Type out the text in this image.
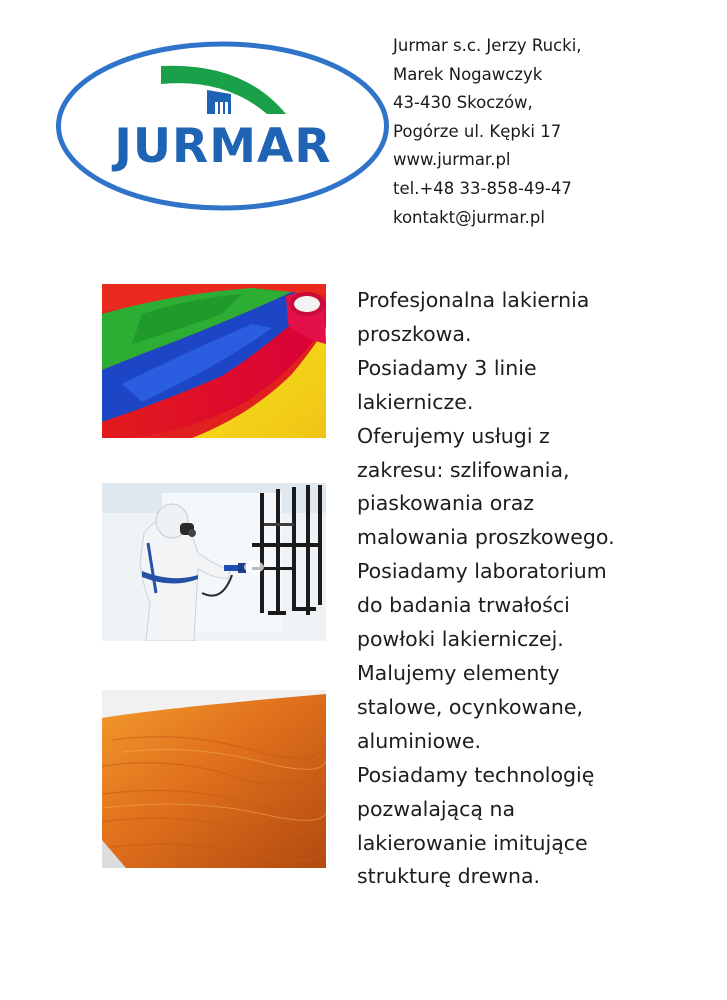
JURMAR
Jurmar s.c. Jerzy Rucki,
Marek Nogawczyk
43-430 Skoczów,
Pogórze ul. Kępki 17
www.jurmar.pl
tel.+48 33-858-49-47
kontakt@jurmar.pl
Profesjonalna lakiernia
proszkowa.
Posiadamy 3 linie
lakiernicze.
Oferujemy usługi z
zakresu: szlifowania,
piaskowania oraz
malowania proszkowego.
Posiadamy laboratorium
do badania trwałości
powłoki lakierniczej.
Malujemy elementy
stalowe, ocynkowane,
aluminiowe.
Posiadamy technologię
pozwalającą na
lakierowanie imitujące
strukturę drewna.
